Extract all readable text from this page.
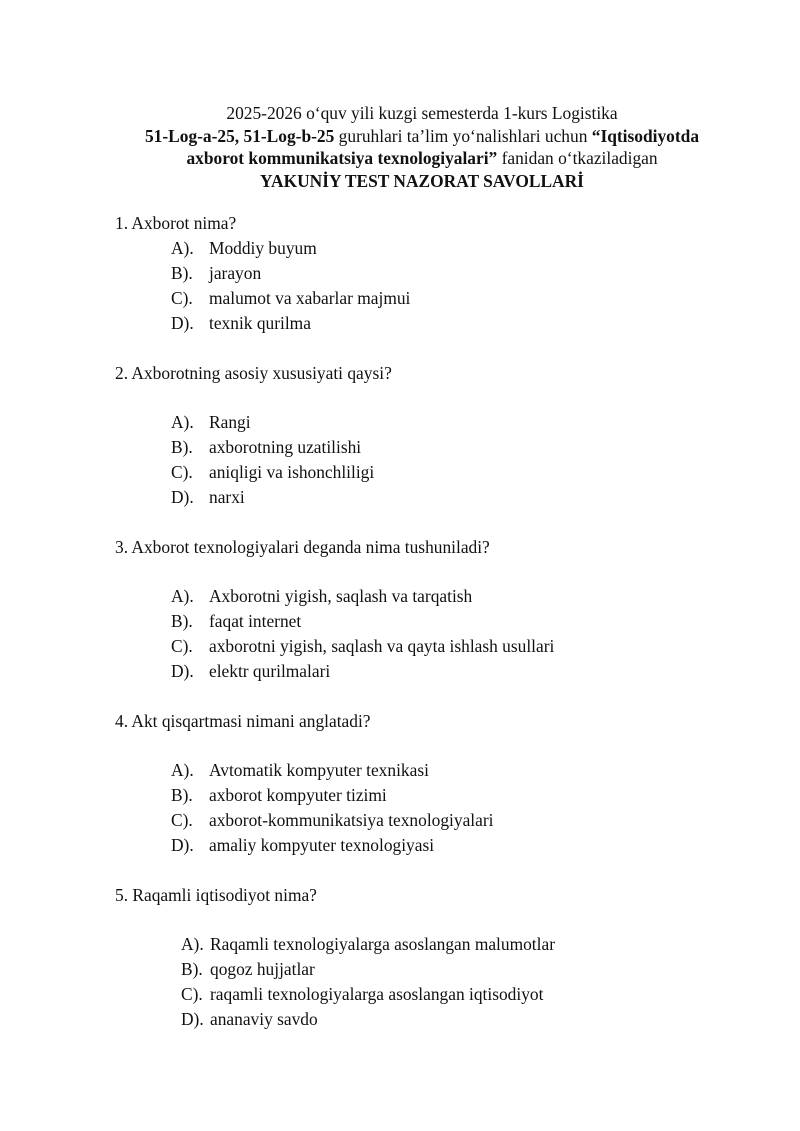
2025-2026 o‘quv yili kuzgi semesterda 1-kurs Logistika
51-Log-a-25, 51-Log-b-25 guruhlari ta’lim yo‘nalishlari uchun “Iqtisodiyotda
axborot kommunikatsiya texnologiyalari” fanidan o‘tkaziladigan
YAKUNİY TEST NAZORAT SAVOLLARİ
1. Axborot nima?
A). Moddiy buyum
B). jarayon
C). malumot va xabarlar majmui
D). texnik qurilma
2. Axborotning asosiy xususiyati qaysi?
A). Rangi
B). axborotning uzatilishi
C). aniqligi va ishonchliligi
D). narxi
3. Axborot texnologiyalari deganda nima tushuniladi?
A). Axborotni yigish, saqlash va tarqatish
B). faqat internet
C). axborotni yigish, saqlash va qayta ishlash usullari
D). elektr qurilmalari
4. Akt qisqartmasi nimani anglatadi?
A). Avtomatik kompyuter texnikasi
B). axborot kompyuter tizimi
C). axborot-kommunikatsiya texnologiyalari
D). amaliy kompyuter texnologiyasi
5. Raqamli iqtisodiyot nima?
A). Raqamli texnologiyalarga asoslangan malumotlar
B). qogoz hujjatlar
C). raqamli texnologiyalarga asoslangan iqtisodiyot
D). ananaviy savdo
